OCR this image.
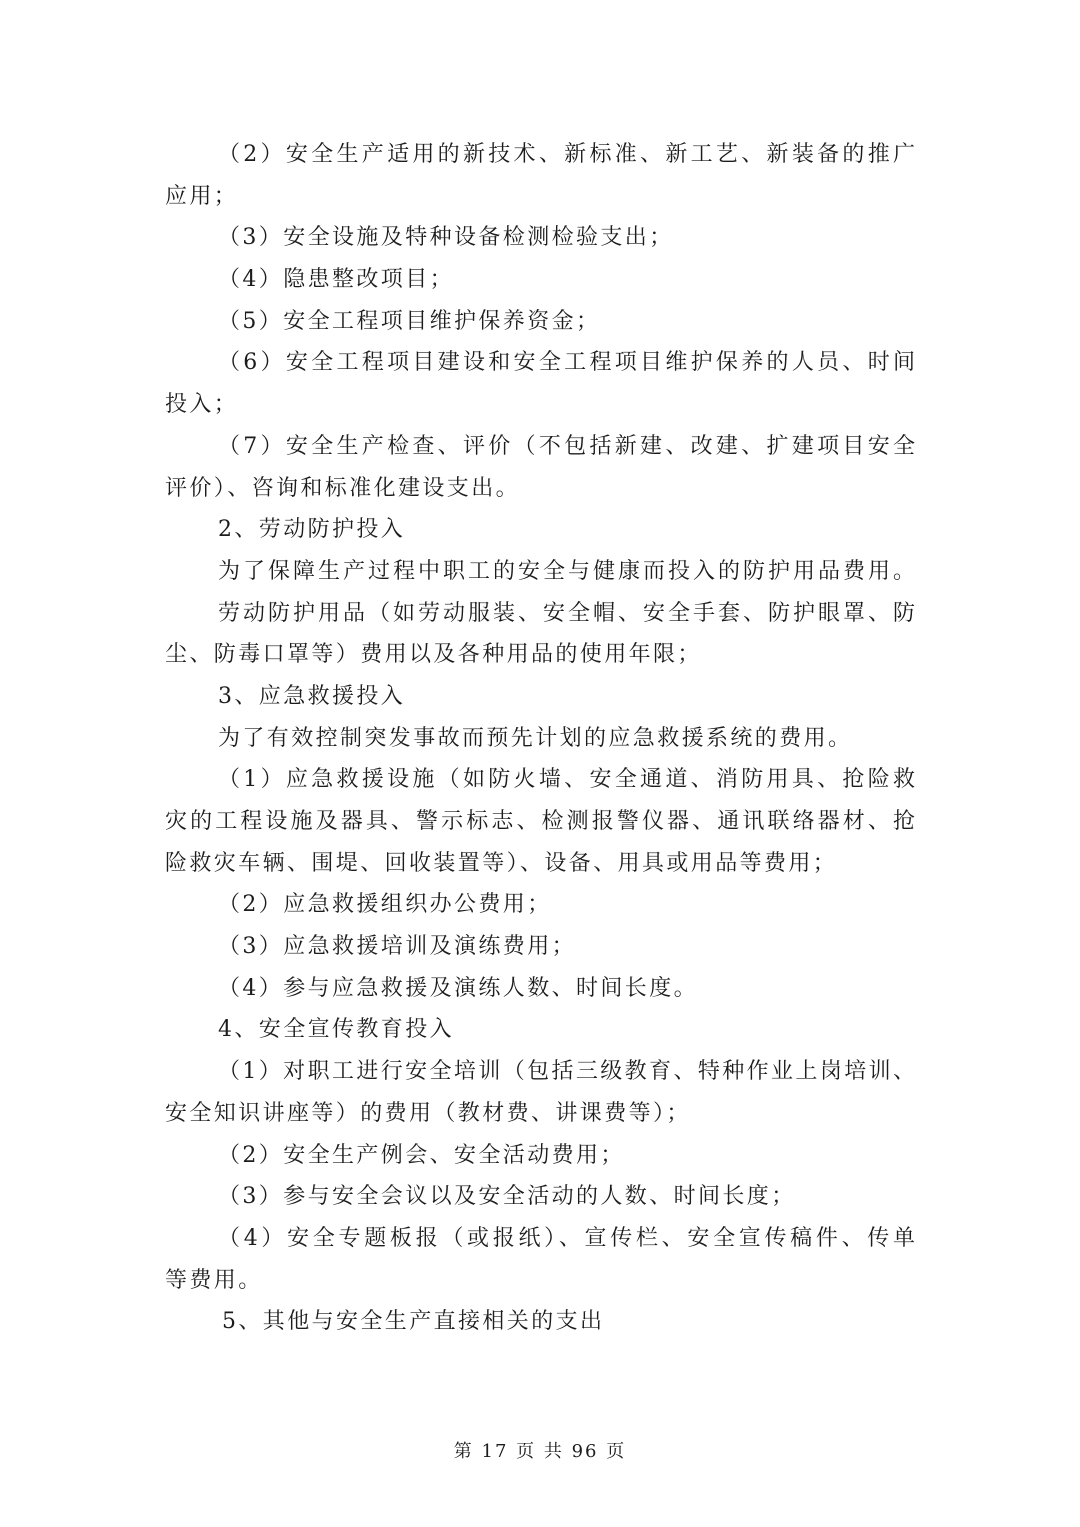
（2）安全生产适用的新技术、新标准、新工艺、新装备的推广
应用；
（3）安全设施及特种设备检测检验支出；
（4）隐患整改项目；
（5）安全工程项目维护保养资金；
（6）安全工程项目建设和安全工程项目维护保养的人员、时间
投入；
（7）安全生产检查、评价（不包括新建、改建、扩建项目安全
评价）、咨询和标准化建设支出。
2、劳动防护投入
为了保障生产过程中职工的安全与健康而投入的防护用品费用。
劳动防护用品（如劳动服装、安全帽、安全手套、防护眼罩、防
尘、防毒口罩等）费用以及各种用品的使用年限；
3、应急救援投入
为了有效控制突发事故而预先计划的应急救援系统的费用。
（1）应急救援设施（如防火墙、安全通道、消防用具、抢险救
灾的工程设施及器具、警示标志、检测报警仪器、通讯联络器材、抢
险救灾车辆、围堤、回收装置等）、设备、用具或用品等费用；
（2）应急救援组织办公费用；
（3）应急救援培训及演练费用；
（4）参与应急救援及演练人数、时间长度。
4、安全宣传教育投入
（1）对职工进行安全培训（包括三级教育、特种作业上岗培训、
安全知识讲座等）的费用（教材费、讲课费等）；
（2）安全生产例会、安全活动费用；
（3）参与安全会议以及安全活动的人数、时间长度；
（4）安全专题板报（或报纸）、宣传栏、安全宣传稿件、传单
等费用。
5、其他与安全生产直接相关的支出
第 17 页 共 96 页
